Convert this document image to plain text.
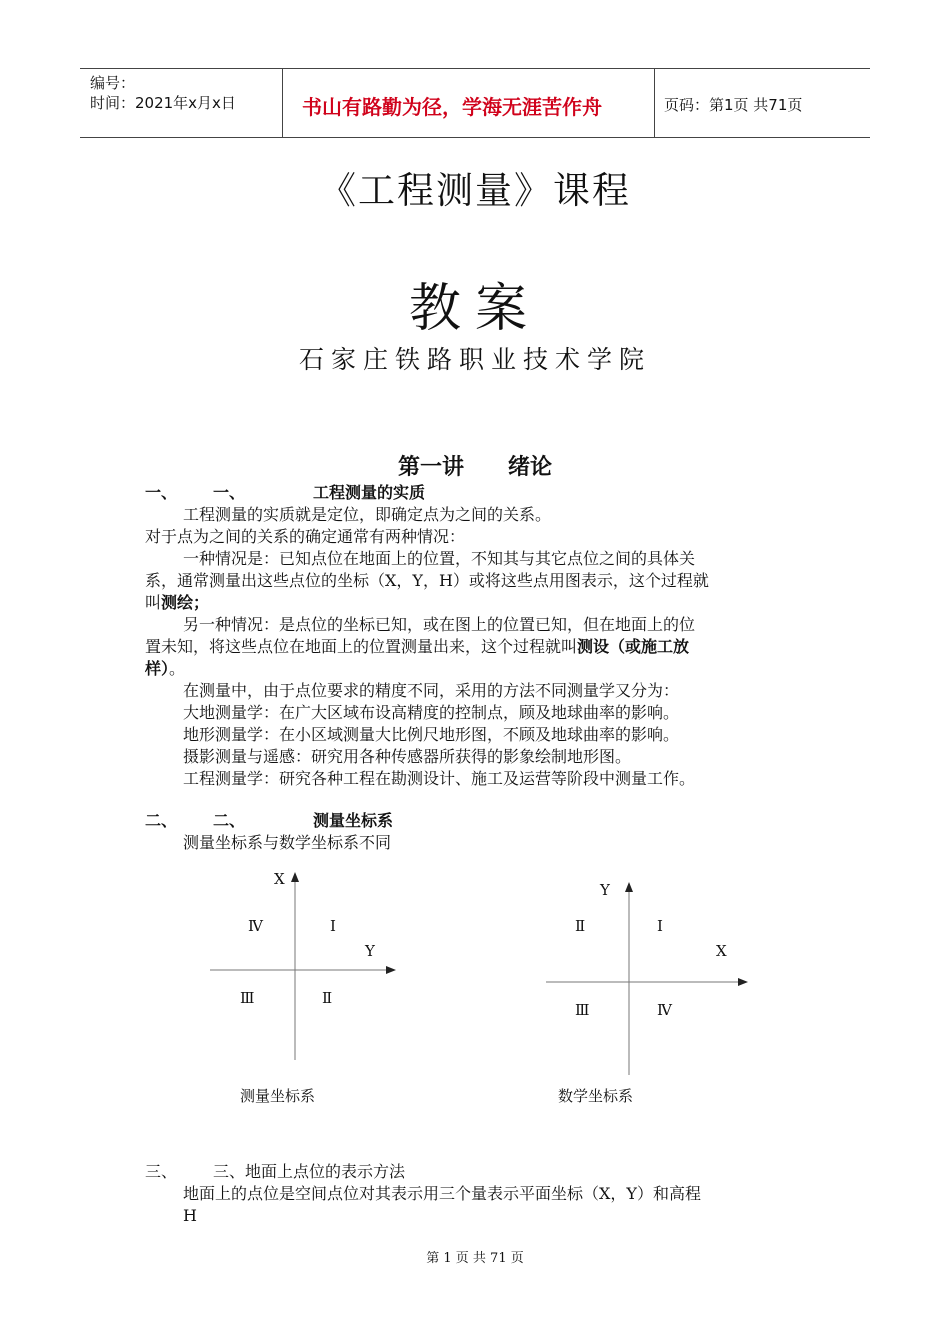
编号：
时间：2021年x月x日	书山有路勤为径，学海无涯苦作舟	页码：第1页 共71页
《工程测量》课程
教案
石家庄铁路职业技术学院
第一讲　　绪论
一、 一、	工程测量的实质
工程测量的实质就是定位，即确定点为之间的关系。
对于点为之间的关系的确定通常有两种情况：
一种情况是：已知点位在地面上的位置，不知其与其它点位之间的具体关
系，通常测量出这些点位的坐标（X，Y，H）或将这些点用图表示，这个过程就
叫测绘；
另一种情况：是点位的坐标已知，或在图上的位置已知，但在地面上的位
置未知，将这些点位在地面上的位置测量出来，这个过程就叫测设（或施工放
样）。
在测量中，由于点位要求的精度不同，采用的方法不同测量学又分为：
大地测量学：在广大区域布设高精度的控制点，顾及地球曲率的影响。
地形测量学：在小区域测量大比例尺地形图，不顾及地球曲率的影响。
摄影测量与遥感：研究用各种传感器所获得的影象绘制地形图。
工程测量学：研究各种工程在勘测设计、施工及运营等阶段中测量工作。
二、 二、	测量坐标系
测量坐标系与数学坐标系不同
X
Y
Ⅳ	Ⅰ
Ⅲ	Ⅱ
测量坐标系
Y
X
Ⅱ	Ⅰ
Ⅲ	Ⅳ
数学坐标系
三、 三、地面上点位的表示方法
地面上的点位是空间点位对其表示用三个量表示平面坐标（X，Y）和高程
H
第 1 页 共 71 页
